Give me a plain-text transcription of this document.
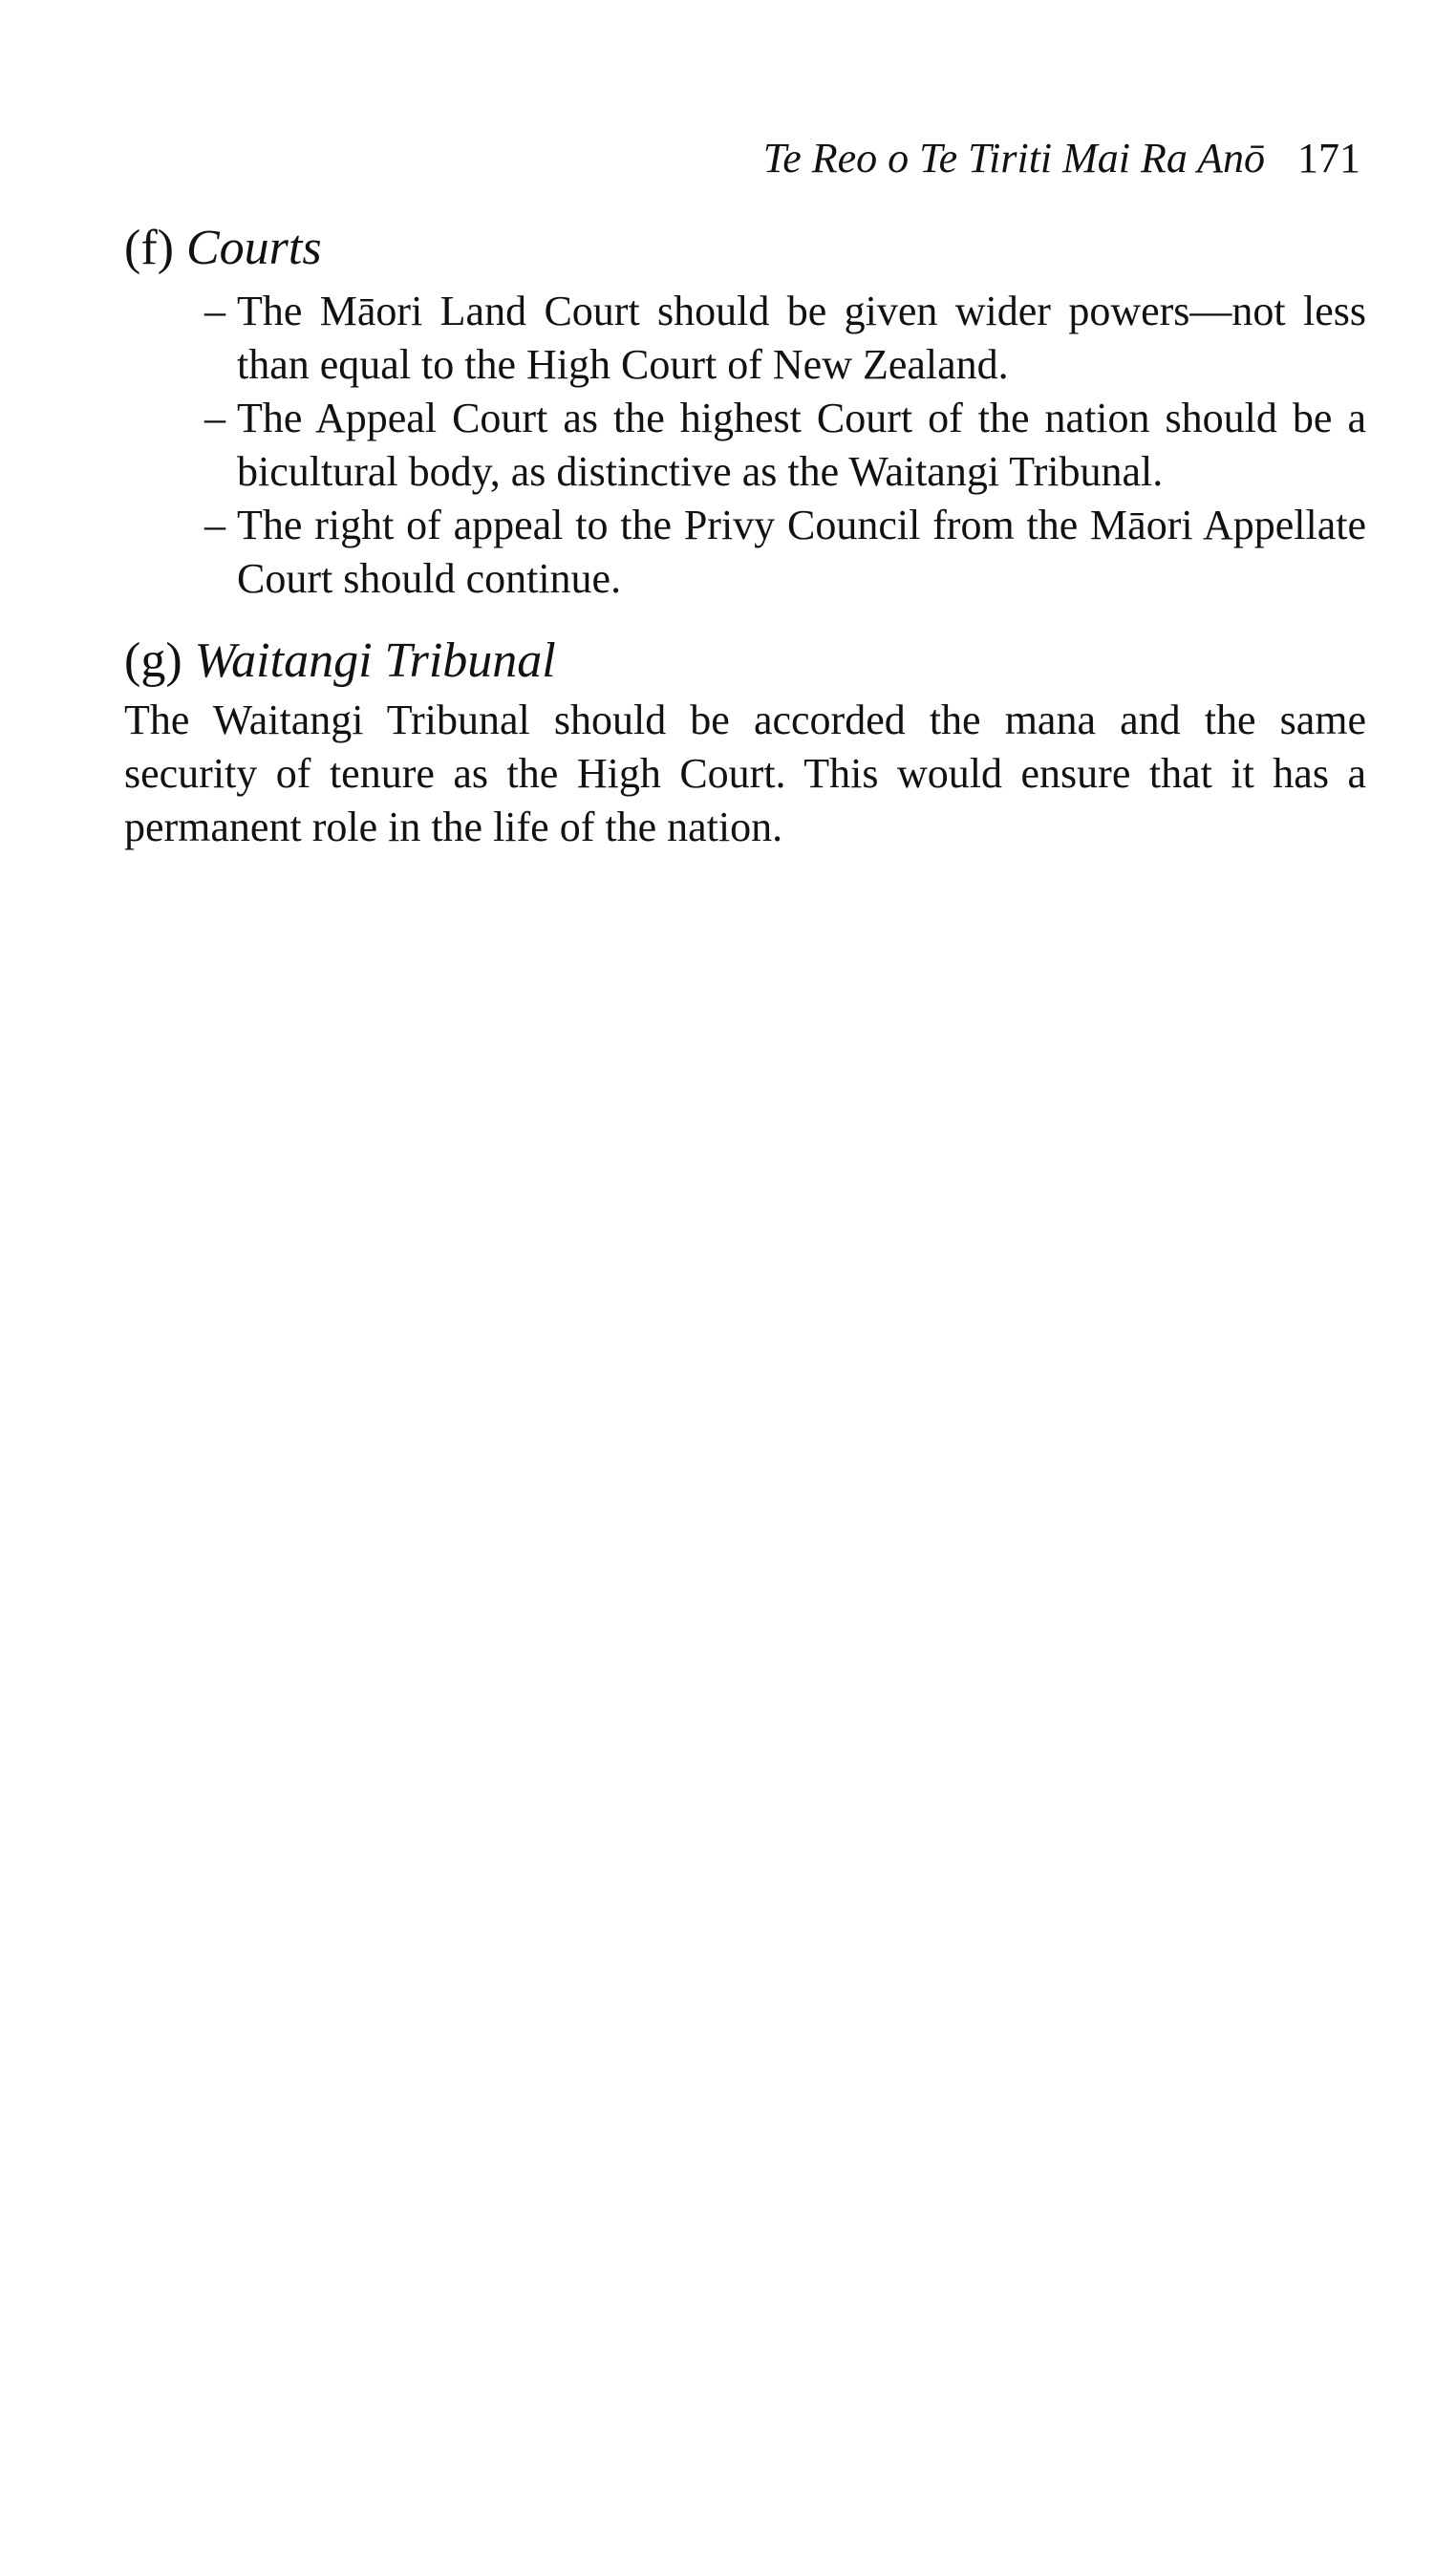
Te Reo o Te Tiriti Mai Ra Anō 171
(f) Courts
– The Māori Land Court should be given wider powers—not less than equal to the High Court of New Zealand.
– The Appeal Court as the highest Court of the nation should be a bicultural body, as distinctive as the Waitangi Tribunal.
– The right of appeal to the Privy Council from the Māori Appellate Court should continue.
(g) Waitangi Tribunal

The Waitangi Tribunal should be accorded the mana and the same security of tenure as the High Court. This would ensure that it has a permanent role in the life of the nation.
